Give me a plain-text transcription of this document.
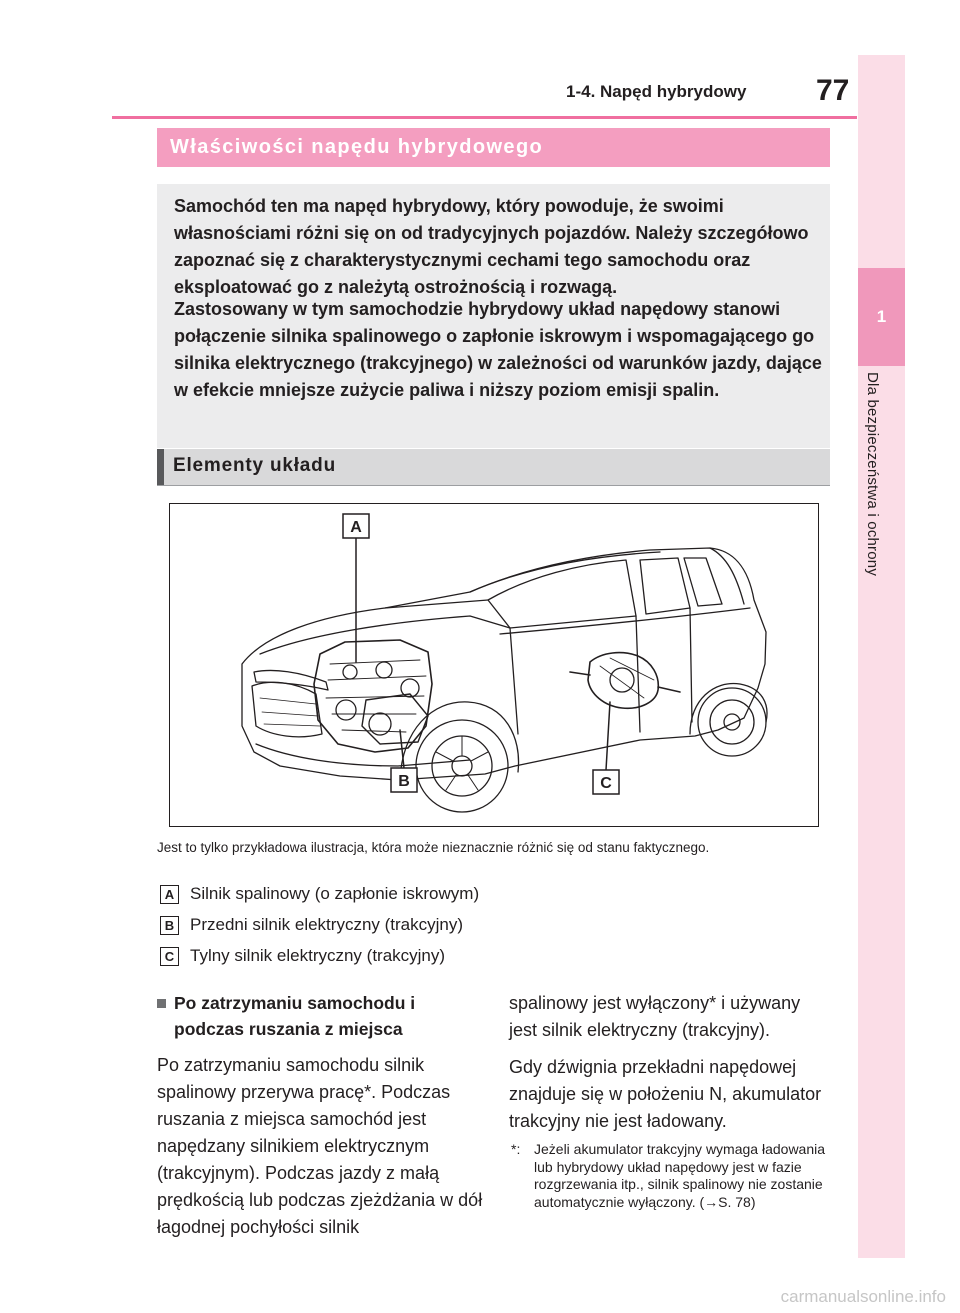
1-4. Napęd hybrydowy 77
1
Dla bezpieczeństwa i ochrony
Właściwości napędu hybrydowego

Samochód ten ma napęd hybrydowy, który powoduje, że swoimi własnościami różni się on od tradycyjnych pojazdów. Należy szczegółowo zapoznać się z charakterystycznymi cechami tego samochodu oraz eksploatować go z należytą ostrożnością i rozwagą.

Zastosowany w tym samochodzie hybrydowy układ napędowy stanowi połączenie silnika spalinowego o zapłonie iskrowym i wspomagającego go silnika elektrycznego (trakcyjnego) w zależności od warunków jazdy, dające w efekcie mniejsze zużycie paliwa i niższy poziom emisji spalin.

Elementy układu
A
B	C

Jest to tylko przykładowa ilustracja, która może nieznacznie różnić się od stanu faktycznego.

A Silnik spalinowy (o zapłonie iskrowym)
B Przedni silnik elektryczny (trakcyjny)
C Tylny silnik elektryczny (trakcyjny)
Po zatrzymaniu samochodu i podczas ruszania z miejsca

Po zatrzymaniu samochodu silnik spalinowy przerywa pracę*. Podczas ruszania z miejsca samochód jest napędzany silnikiem elektrycznym (trakcyjnym). Podczas jazdy z małą prędkością lub podczas zjeżdżania w dół łagodnej pochyłości silnik

spalinowy jest wyłączony* i używany jest silnik elektryczny (trakcyjny).

Gdy dźwignia przekładni napędowej znajduje się w położeniu N, akumulator trakcyjny nie jest ładowany.

*: Jeżeli akumulator trakcyjny wymaga ładowania lub hybrydowy układ napędowy jest w fazie rozgrzewania itp., silnik spalinowy nie zostanie automatycznie wyłączony. (→S. 78)
carmanualsonline.info
